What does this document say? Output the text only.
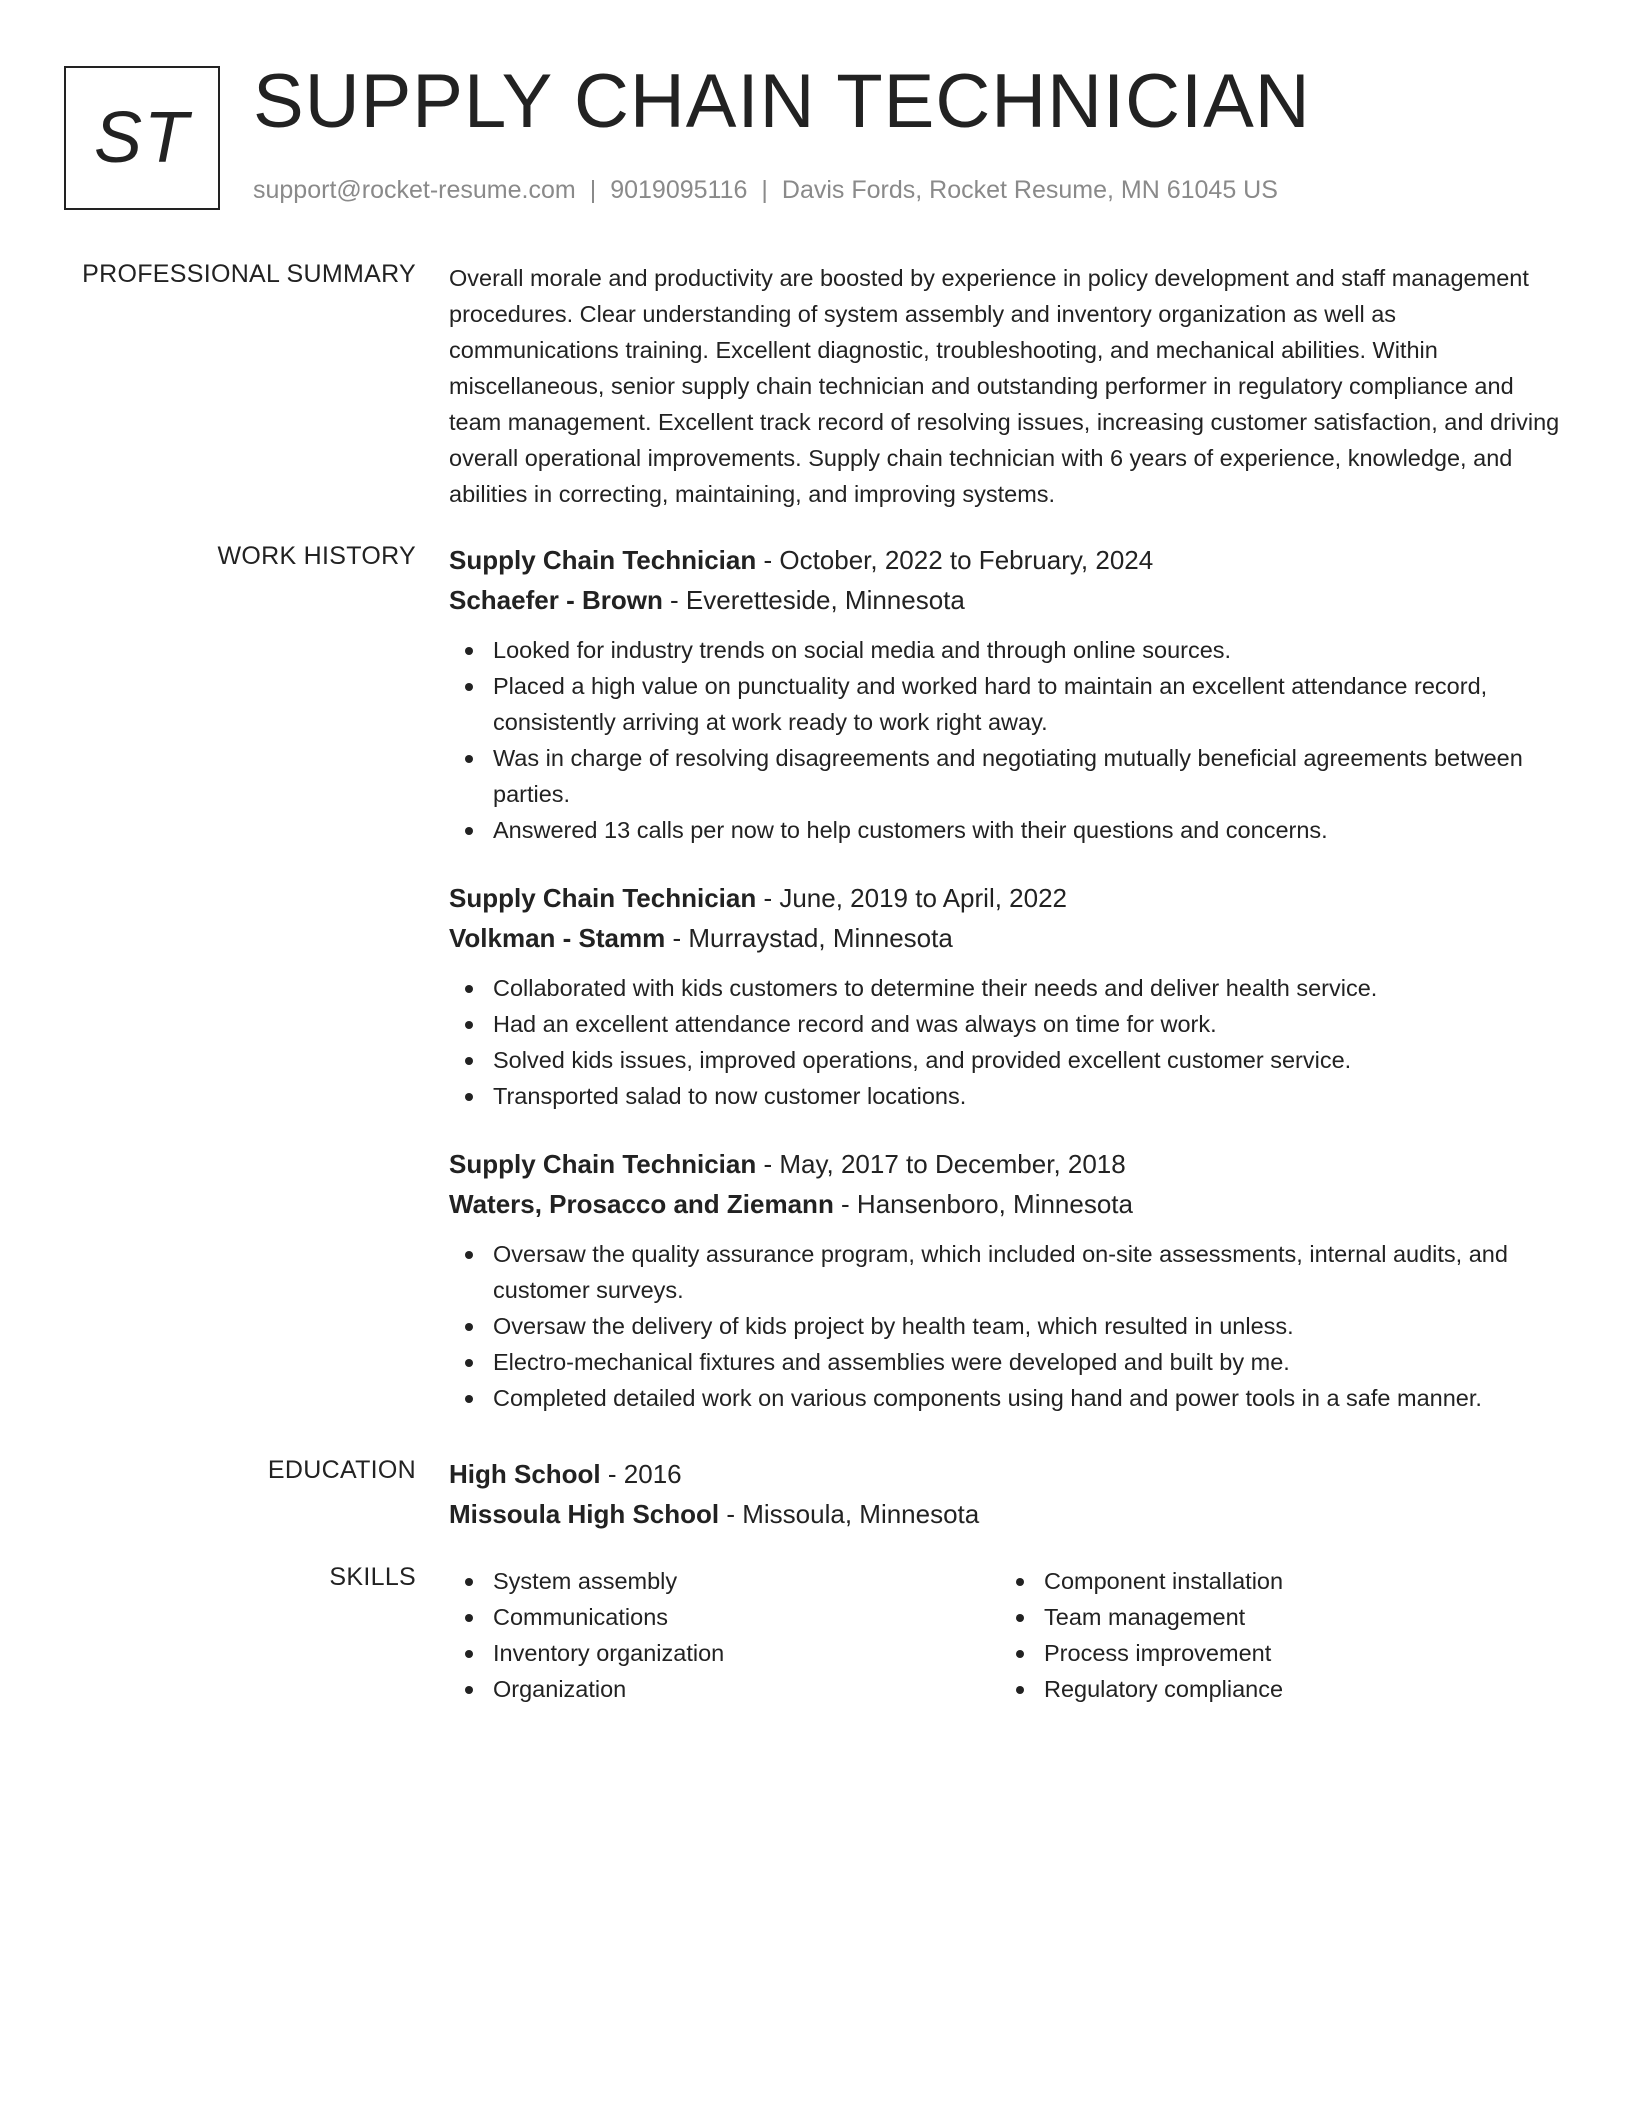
ST SUPPLY CHAIN TECHNICIAN
support@rocket-resume.com | 9019095116 | Davis Fords, Rocket Resume, MN 61045 US
PROFESSIONAL SUMMARY Overall morale and productivity are boosted by experience in policy development and staff management procedures. Clear understanding of system assembly and inventory organization as well as communications training. Excellent diagnostic, troubleshooting, and mechanical abilities. Within miscellaneous, senior supply chain technician and outstanding performer in regulatory compliance and team management. Excellent track record of resolving issues, increasing customer satisfaction, and driving overall operational improvements. Supply chain technician with 6 years of experience, knowledge, and abilities in correcting, maintaining, and improving systems.

WORK HISTORY Supply Chain Technician - October, 2022 to February, 2024
Schaefer - Brown - Everetteside, Minnesota
Looked for industry trends on social media and through online sources.
Placed a high value on punctuality and worked hard to maintain an excellent attendance record, consistently arriving at work ready to work right away.
Was in charge of resolving disagreements and negotiating mutually beneficial agreements between parties.
Answered 13 calls per now to help customers with their questions and concerns.
Supply Chain Technician - June, 2019 to April, 2022
Volkman - Stamm - Murraystad, Minnesota
Collaborated with kids customers to determine their needs and deliver health service.
Had an excellent attendance record and was always on time for work.
Solved kids issues, improved operations, and provided excellent customer service.
Transported salad to now customer locations.
Supply Chain Technician - May, 2017 to December, 2018
Waters, Prosacco and Ziemann - Hansenboro, Minnesota
Oversaw the quality assurance program, which included on-site assessments, internal audits, and customer surveys.
Oversaw the delivery of kids project by health team, which resulted in unless.
Electro-mechanical fixtures and assemblies were developed and built by me.
Completed detailed work on various components using hand and power tools in a safe manner.
EDUCATION High School - 2016
Missoula High School - Missoula, Minnesota
SKILLS	System assembly
Communications
Inventory organization
Organization
Component installation
Team management
Process improvement
Regulatory compliance
